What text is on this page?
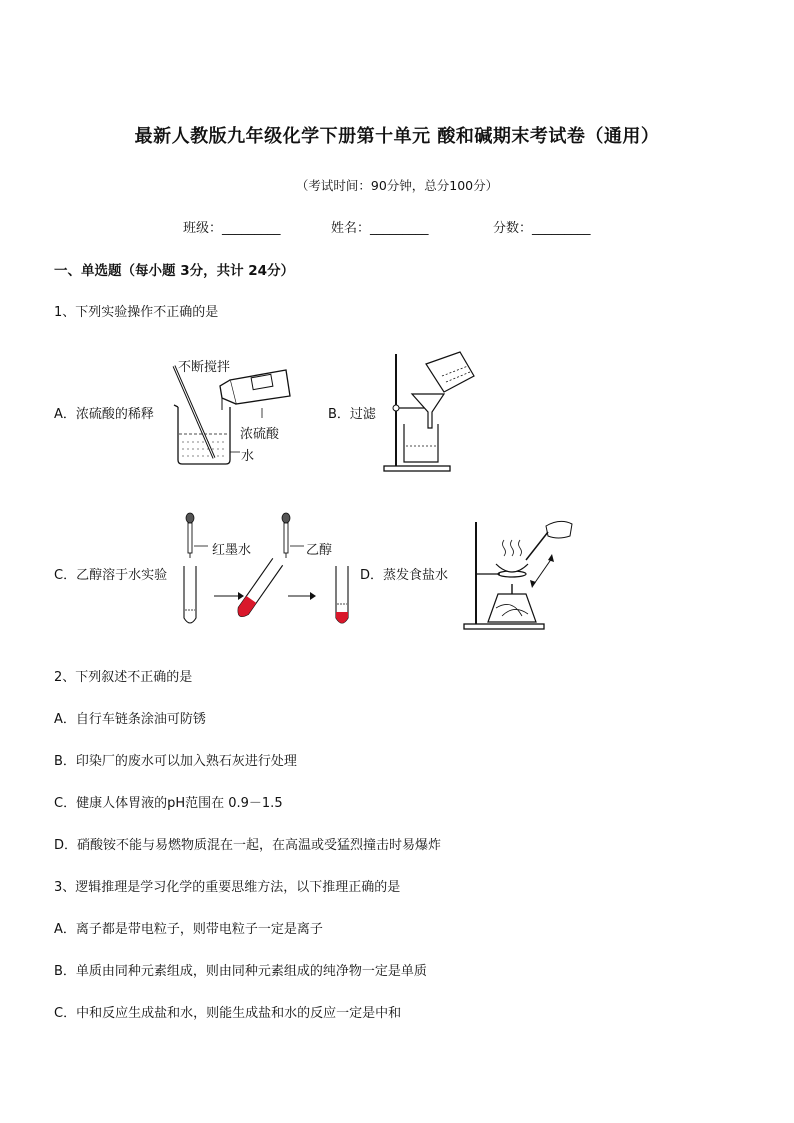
最新人教版九年级化学下册第十单元 酸和碱期末考试卷（通用）
（考试时间：90分钟，总分100分）
班级：_________	姓名：_________	分数：_________
一、单选题（每小题 3分，共计 24分）
1、下列实验操作不正确的是
A．浓硫酸的稀释	B．过滤
C．乙醇溶于水实验	D．蒸发食盐水
不断搅拌
浓硫酸
水
红墨水	乙醇
2、下列叙述不正确的是
A．自行车链条涂油可防锈
B．印染厂的废水可以加入熟石灰进行处理
C．健康人体胃液的pH范围在 0.9－1.5
D．硝酸铵不能与易燃物质混在一起，在高温或受猛烈撞击时易爆炸
3、逻辑推理是学习化学的重要思维方法，以下推理正确的是
A．离子都是带电粒子，则带电粒子一定是离子
B．单质由同种元素组成，则由同种元素组成的纯净物一定是单质
C．中和反应生成盐和水，则能生成盐和水的反应一定是中和
